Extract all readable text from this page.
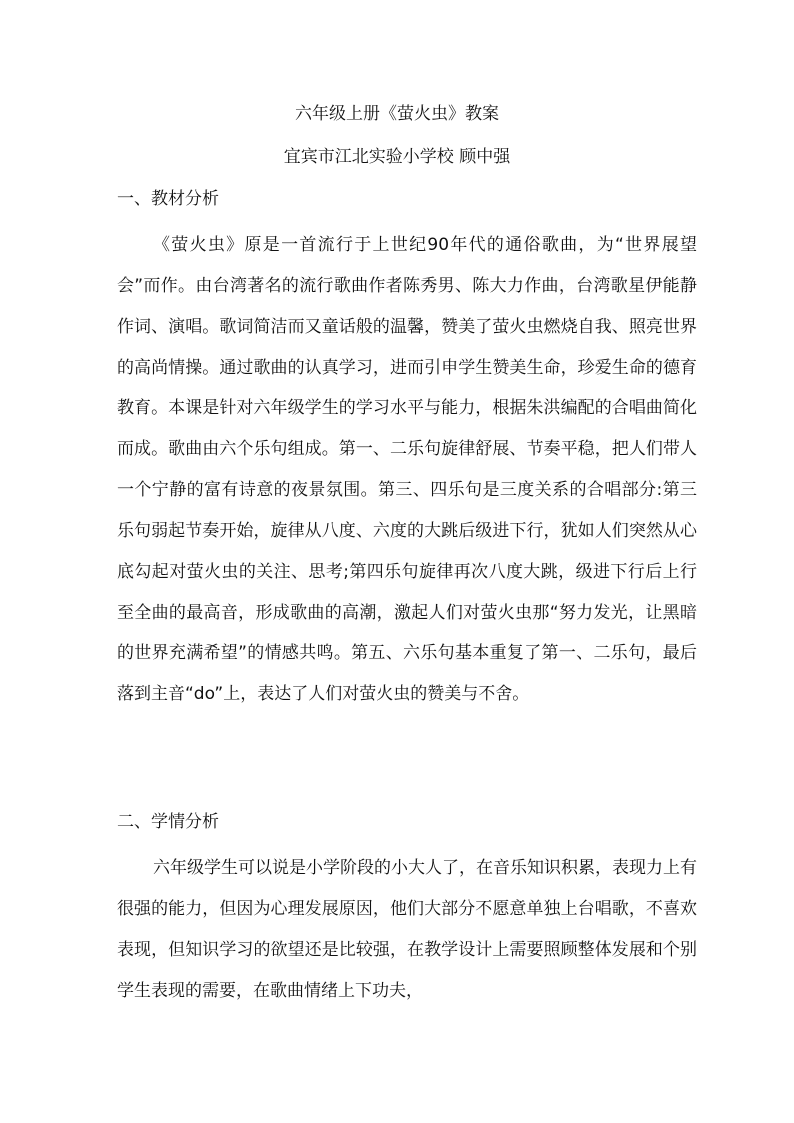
六年级上册《萤火虫》教案
宜宾市江北实验小学校 顾中强
一、教材分析

《萤火虫》原是一首流行于上世纪90年代的通俗歌曲，为“世界展望会”而作。由台湾著名的流行歌曲作者陈秀男、陈大力作曲，台湾歌星伊能静作词、演唱。歌词简洁而又童话般的温馨，赞美了萤火虫燃烧自我、照亮世界的高尚情操。通过歌曲的认真学习，进而引申学生赞美生命，珍爱生命的德育教育。本课是针对六年级学生的学习水平与能力，根据朱洪编配的合唱曲简化而成。歌曲由六个乐句组成。第一、二乐句旋律舒展、节奏平稳，把人们带人一个宁静的富有诗意的夜景氛围。第三、四乐句是三度关系的合唱部分:第三乐句弱起节奏开始，旋律从八度、六度的大跳后级进下行，犹如人们突然从心底勾起对萤火虫的关注、思考;第四乐句旋律再次八度大跳，级进下行后上行至全曲的最高音，形成歌曲的高潮，激起人们对萤火虫那“努力发光，让黑暗的世界充满希望”的情感共鸣。第五、六乐句基本重复了第一、二乐句，最后落到主音“do”上，表达了人们对萤火虫的赞美与不舍。

二、学情分析

六年级学生可以说是小学阶段的小大人了，在音乐知识积累，表现力上有很强的能力，但因为心理发展原因，他们大部分不愿意单独上台唱歌，不喜欢表现，但知识学习的欲望还是比较强，在教学设计上需要照顾整体发展和个别学生表现的需要，在歌曲情绪上下功夫，
